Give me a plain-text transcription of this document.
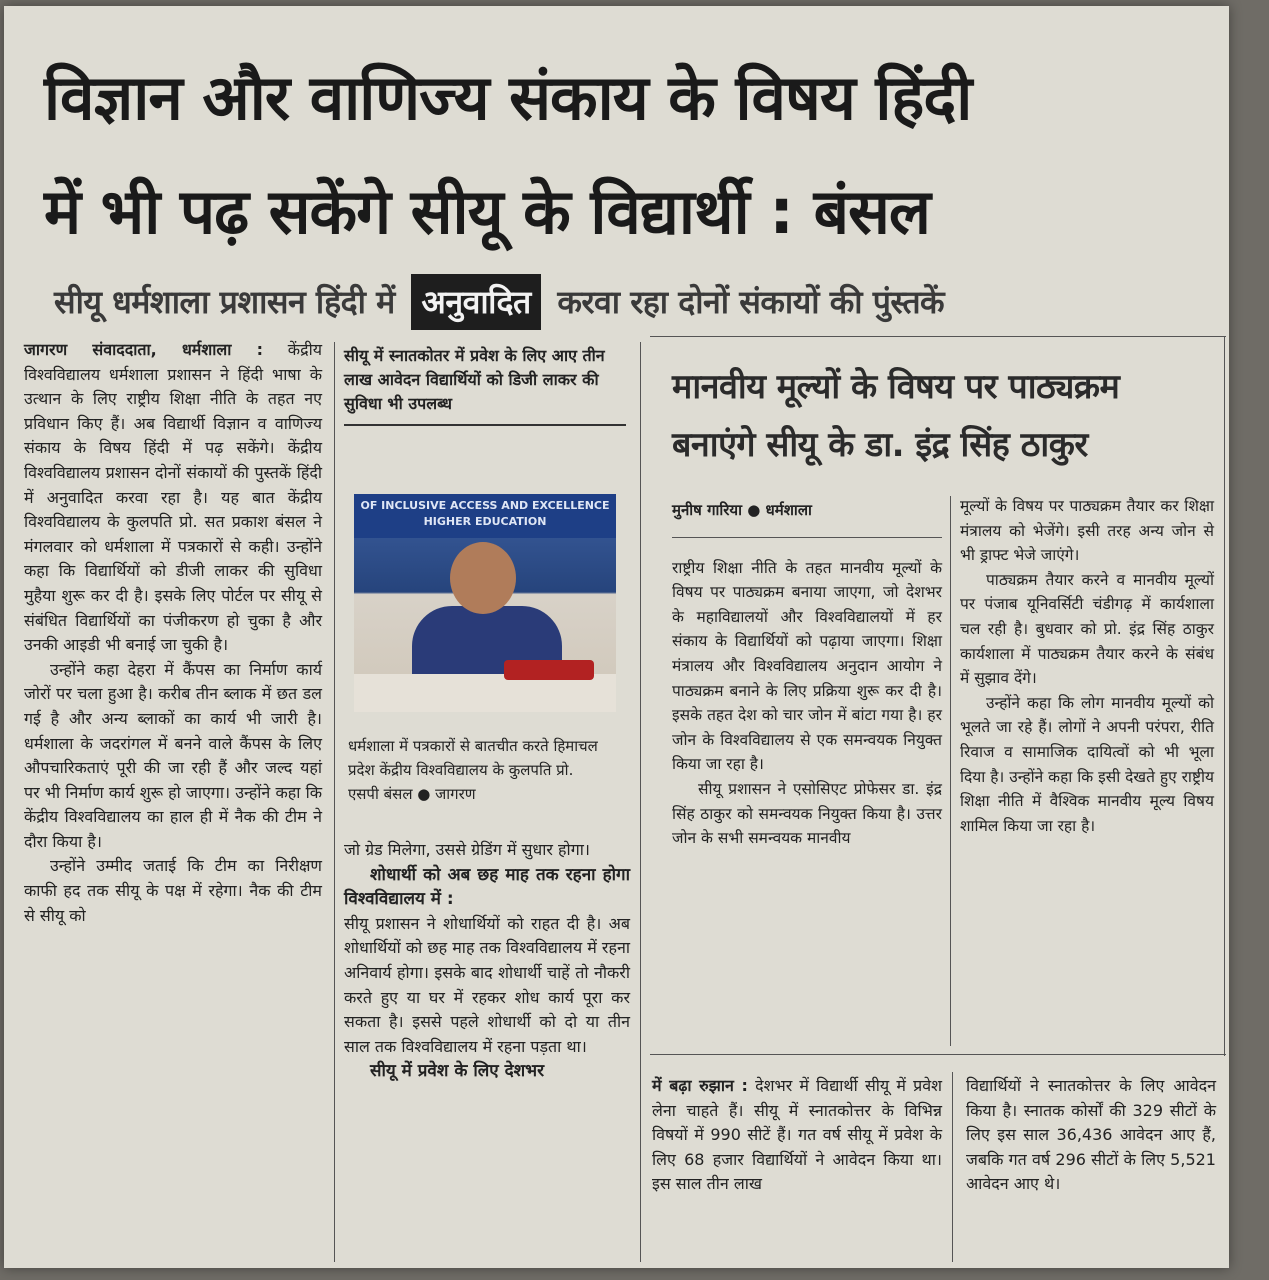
विज्ञान और वाणिज्य संकाय के विषय हिंदी
में भी पढ़ सकेंगे सीयू के विद्यार्थी : बंसल
सीयू धर्मशाला प्रशासन हिंदी में अनुवादित करवा रहा दोनों संकायों की पुंस्तकें

जागरण संवाददाता, धर्मशाला : केंद्रीय विश्वविद्यालय धर्मशाला प्रशासन ने हिंदी भाषा के उत्थान के लिए राष्ट्रीय शिक्षा नीति के तहत नए प्रविधान किए हैं। अब विद्यार्थी विज्ञान व वाणिज्य संकाय के विषय हिंदी में पढ़ सकेंगे। केंद्रीय विश्वविद्यालय प्रशासन दोनों संकायों की पुस्तकें हिंदी में अनुवादित करवा रहा है। यह बात केंद्रीय विश्वविद्यालय के कुलपति प्रो. सत प्रकाश बंसल ने मंगलवार को धर्मशाला में पत्रकारों से कही। उन्होंने कहा कि विद्यार्थियों को डीजी लाकर की सुविधा मुहैया शुरू कर दी है। इसके लिए पोर्टल पर सीयू से संबंधित विद्यार्थियों का पंजीकरण हो चुका है और उनकी आइडी भी बनाई जा चुकी है।

उन्होंने कहा देहरा में कैंपस का निर्माण कार्य जोरों पर चला हुआ है। करीब तीन ब्लाक में छत डल गई है और अन्य ब्लाकों का कार्य भी जारी है। धर्मशाला के जदरांगल में बनने वाले कैंपस के लिए औपचारिकताएं पूरी की जा रही हैं और जल्द यहां पर भी निर्माण कार्य शुरू हो जाएगा। उन्होंने कहा कि केंद्रीय विश्वविद्यालय का हाल ही में नैक की टीम ने दौरा किया है।

उन्होंने उम्मीद जताई कि टीम का निरीक्षण काफी हद तक सीयू के पक्ष में रहेगा। नैक की टीम से सीयू को

सीयू में स्नातकोतर में प्रवेश के लिए आए तीन लाख आवेदन विद्यार्थियों को डिजी लाकर की सुविधा भी उपलब्ध
OF INCLUSIVE ACCESS AND EXCELLENCE HIGHER EDUCATION
धर्मशाला में पत्रकारों से बातचीत करते हिमाचल प्रदेश केंद्रीय विश्वविद्यालय के कुलपति प्रो. एसपी बंसल ● जागरण

जो ग्रेड मिलेगा, उससे ग्रेडिंग में सुधार होगा।

शोधार्थी को अब छह माह तक रहना होगा विश्वविद्यालय में :

सीयू प्रशासन ने शोधार्थियों को राहत दी है। अब शोधार्थियों को छह माह तक विश्वविद्यालय में रहना अनिवार्य होगा। इसके बाद शोधार्थी चाहें तो नौकरी करते हुए या घर में रहकर शोध कार्य पूरा कर सकता है। इससे पहले शोधार्थी को दो या तीन साल तक विश्वविद्यालय में रहना पड़ता था।

सीयू में प्रवेश के लिए देशभर

मानवीय मूल्यों के विषय पर पाठ्यक्रम
बनाएंगे सीयू के डा. इंद्र सिंह ठाकुर

मुनीष गारिया ● धर्मशाला

राष्ट्रीय शिक्षा नीति के तहत मानवीय मूल्यों के विषय पर पाठ्यक्रम बनाया जाएगा, जो देशभर के महाविद्यालयों और विश्वविद्यालयों में हर संकाय के विद्यार्थियों को पढ़ाया जाएगा। शिक्षा मंत्रालय और विश्वविद्यालय अनुदान आयोग ने पाठ्यक्रम बनाने के लिए प्रक्रिया शुरू कर दी है। इसके तहत देश को चार जोन में बांटा गया है। हर जोन के विश्वविद्यालय से एक समन्वयक नियुक्त किया जा रहा है।

सीयू प्रशासन ने एसोसिएट प्रोफेसर डा. इंद्र सिंह ठाकुर को समन्वयक नियुक्त किया है। उत्तर जोन के सभी समन्वयक मानवीय

मूल्यों के विषय पर पाठ्यक्रम तैयार कर शिक्षा मंत्रालय को भेजेंगे। इसी तरह अन्य जोन से भी ड्राफ्ट भेजे जाएंगे।

पाठ्यक्रम तैयार करने व मानवीय मूल्यों पर पंजाब यूनिवर्सिटी चंडीगढ़ में कार्यशाला चल रही है। बुधवार को प्रो. इंद्र सिंह ठाकुर कार्यशाला में पाठ्यक्रम तैयार करने के संबंध में सुझाव देंगे।

उन्होंने कहा कि लोग मानवीय मूल्यों को भूलते जा रहे हैं। लोगों ने अपनी परंपरा, रीति रिवाज व सामाजिक दायित्वों को भी भूला दिया है। उन्होंने कहा कि इसी देखते हुए राष्ट्रीय शिक्षा नीति में वैश्विक मानवीय मूल्य विषय शामिल किया जा रहा है।

में बढ़ा रुझान : देशभर में विद्यार्थी सीयू में प्रवेश लेना चाहते हैं। सीयू में स्नातकोत्तर के विभिन्न विषयों में 990 सीटें हैं। गत वर्ष सीयू में प्रवेश के लिए 68 हजार विद्यार्थियों ने आवेदन किया था। इस साल तीन लाख

विद्यार्थियों ने स्नातकोत्तर के लिए आवेदन किया है। स्नातक कोर्सों की 329 सीटों के लिए इस साल 36,436 आवेदन आए हैं, जबकि गत वर्ष 296 सीटों के लिए 5,521 आवेदन आए थे।
